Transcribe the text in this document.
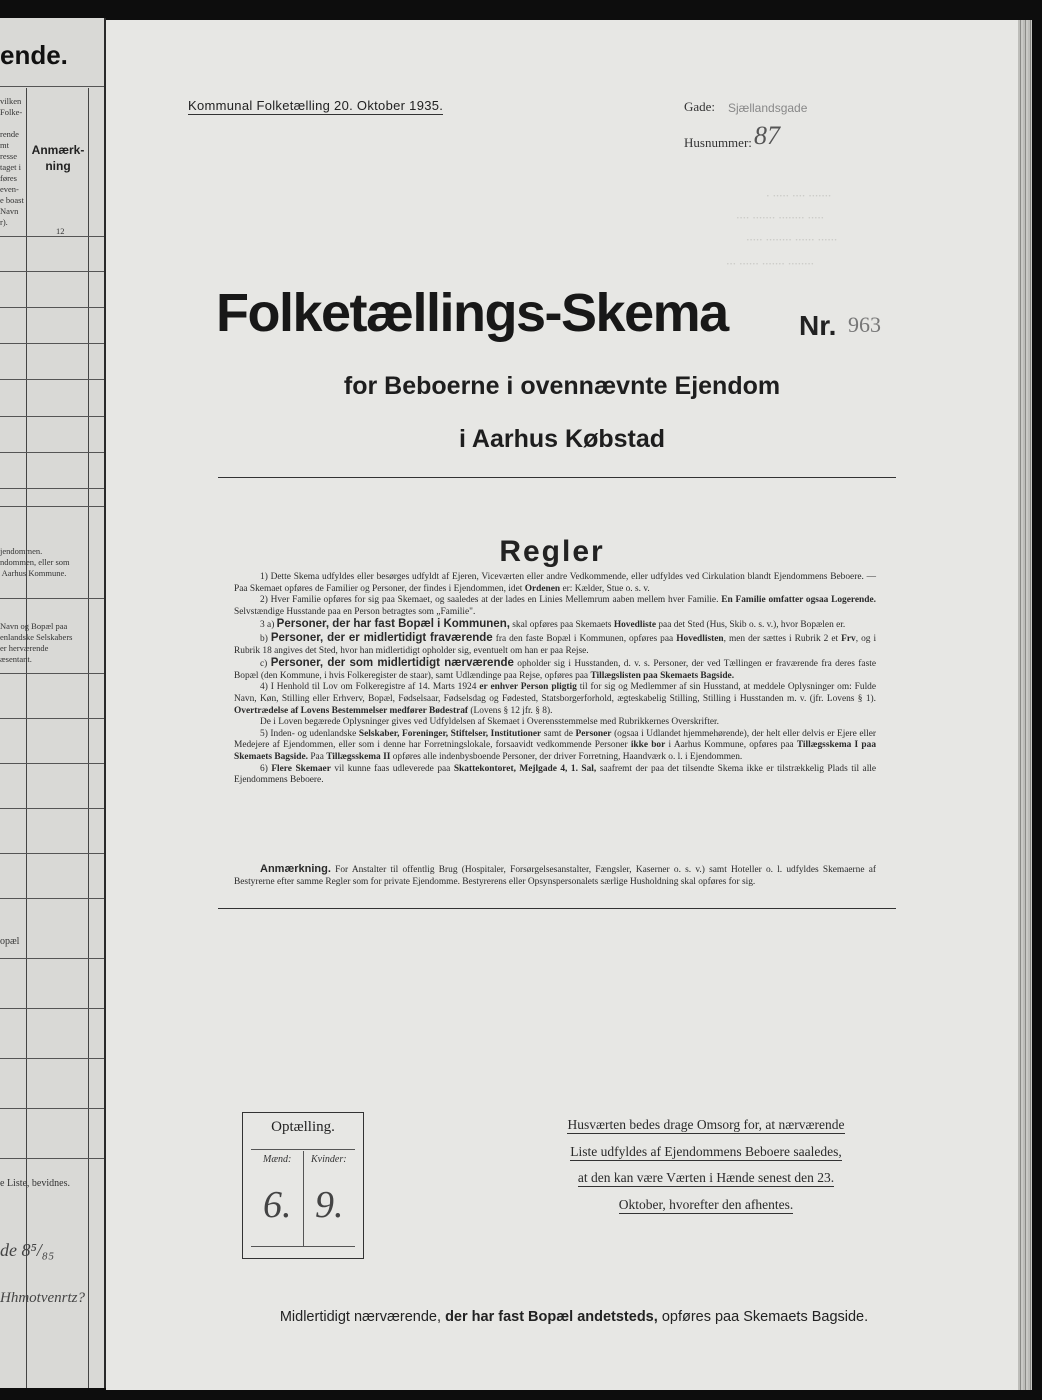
ende.
vilken
Folke-

rende
mt
resse
taget i
føres
even-
e boast
Navn
r).
Anmærk- ning
12
jendommen.
ndommen, eller som
Aarhus Kommune.
Navn og Bopæl paa
enlandske Selskabers
er herværende
æsentant.
opæl
e Liste, bevidnes.
de 8⁵/₈₅
Hhmotvenrtz?
Kommunal Folketælling 20. Oktober 1935.	Gade: Sjællandsgade
Husnummer: 87
· ····· ···· ·······
···· ······· ········ ·····
····· ········ ······ ······
··· ······ ······· ········
Folketællings-Skema	Nr. 963
for Beboerne i ovennævnte Ejendom
i Aarhus Købstad
Regler

1) Dette Skema udfyldes eller besørges udfyldt af Ejeren, Viceværten eller andre Vedkommende, eller udfyldes ved Cirkulation blandt Ejendommens Beboere. — Paa Skemaet opføres de Familier og Personer, der findes i Ejendommen, idet Ordenen er: Kælder, Stue o. s. v.

2) Hver Familie opføres for sig paa Skemaet, og saaledes at der lades en Linies Mellemrum aaben mellem hver Familie. En Familie omfatter ogsaa Logerende. Selvstændige Husstande paa en Person betragtes som „Familie".

3 a) Personer, der har fast Bopæl i Kommunen, skal opføres paa Skemaets Hovedliste paa det Sted (Hus, Skib o. s. v.), hvor Bopælen er.

b) Personer, der er midlertidigt fraværende fra den faste Bopæl i Kommunen, opføres paa Hovedlisten, men der sættes i Rubrik 2 et Frv, og i Rubrik 18 angives det Sted, hvor han midlertidigt opholder sig, eventuelt om han er paa Rejse.

c) Personer, der som midlertidigt nærværende opholder sig i Husstanden, d. v. s. Personer, der ved Tællingen er fraværende fra deres faste Bopæl (den Kommune, i hvis Folkeregister de staar), samt Udlændinge paa Rejse, opføres paa Tillægslisten paa Skemaets Bagside.

4) I Henhold til Lov om Folkeregistre af 14. Marts 1924 er enhver Person pligtig til for sig og Medlemmer af sin Husstand, at meddele Oplysninger om: Fulde Navn, Køn, Stilling eller Erhverv, Bopæl, Fødselsaar, Fødselsdag og Fødested, Statsborgerforhold, ægteskabelig Stilling, Stilling i Husstanden m. v. (jfr. Lovens § 1). Overtrædelse af Lovens Bestemmelser medfører Bødestraf (Lovens § 12 jfr. § 8).

De i Loven begærede Oplysninger gives ved Udfyldelsen af Skemaet i Overensstemmelse med Rubrikkernes Overskrifter.

5) Inden- og udenlandske Selskaber, Foreninger, Stiftelser, Institutioner samt de Personer (ogsaa i Udlandet hjemmehørende), der helt eller delvis er Ejere eller Medejere af Ejendommen, eller som i denne har Forretningslokale, forsaavidt vedkommende Personer ikke bor i Aarhus Kommune, opføres paa Tillægsskema I paa Skemaets Bagside. Paa Tillægsskema II opføres alle indenbysboende Personer, der driver Forretning, Haandværk o. l. i Ejendommen.

6) Flere Skemaer vil kunne faas udleverede paa Skattekontoret, Mejlgade 4, 1. Sal, saafremt der paa det tilsendte Skema ikke er tilstrækkelig Plads til alle Ejendommens Beboere.

Anmærkning. For Anstalter til offentlig Brug (Hospitaler, Forsørgelsesanstalter, Fængsler, Kaserner o. s. v.) samt Hoteller o. l. udfyldes Skemaerne af Bestyrerne efter samme Regler som for private Ejendomme. Bestyrerens eller Opsynspersonalets særlige Husholdning skal opføres for sig.
Optælling.
Mænd: Kvinder:
6. 9.
Husværten bedes drage Omsorg for, at nærværende
Liste udfyldes af Ejendommens Beboere saaledes,
at den kan være Værten i Hænde senest den 23.
Oktober, hvorefter den afhentes.
Midlertidigt nærværende, der har fast Bopæl andetsteds, opføres paa Skemaets Bagside.
